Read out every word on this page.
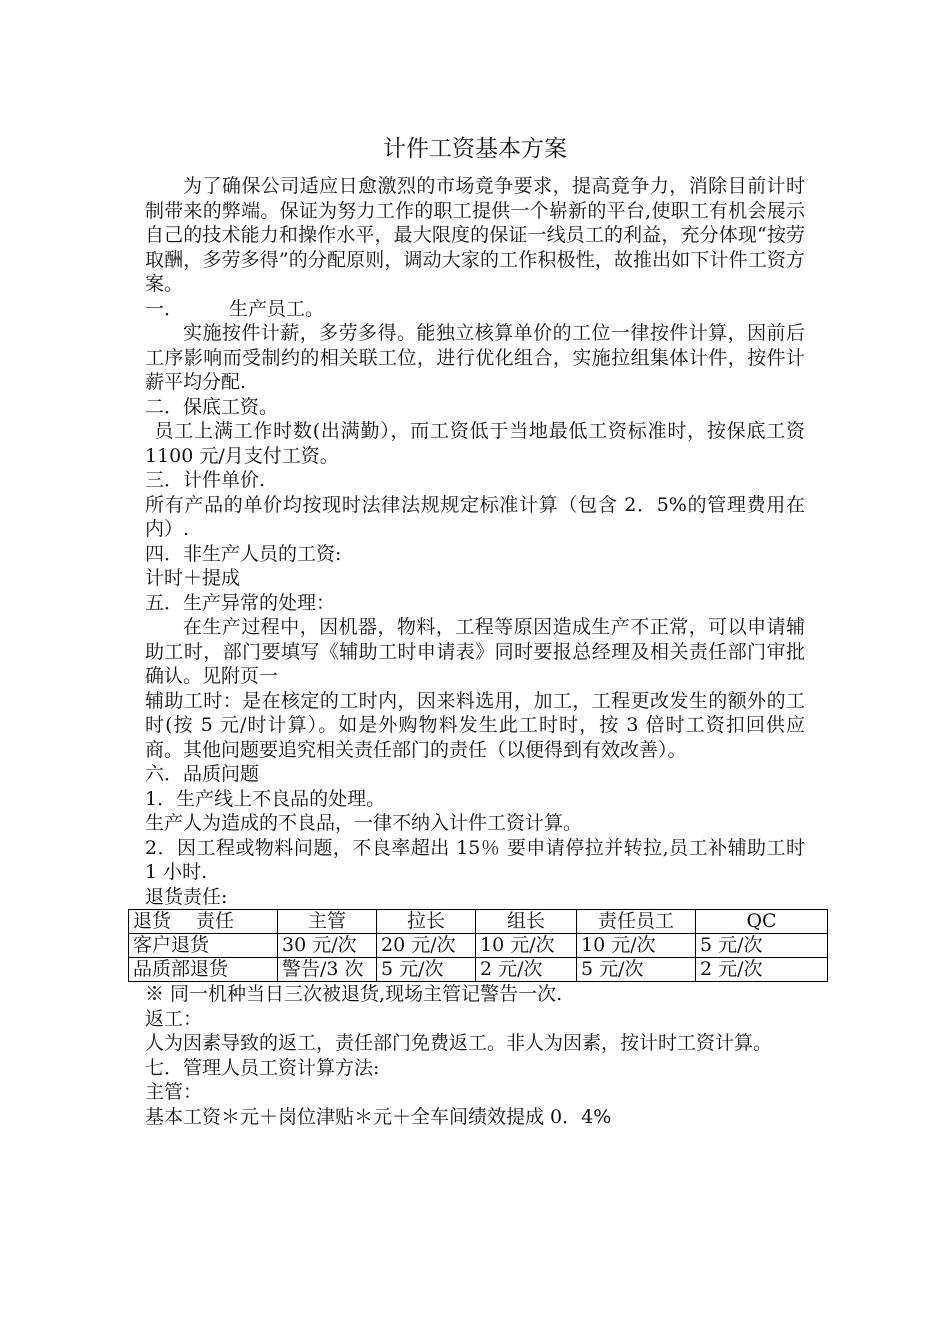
计件工资基本方案

为了确保公司适应日愈激烈的市场竟争要求，提高竟争力，消除目前计时制带来的弊端。保证为努力工作的职工提供一个崭新的平台,使职工有机会展示自己的技术能力和操作水平，最大限度的保证一线员工的利益，充分体现“按劳取酬，多劳多得”的分配原则，调动大家的工作积极性，故推出如下计件工资方案。

一． 生产员工。

实施按件计薪，多劳多得。能独立核算单价的工位一律按件计算，因前后工序影响而受制约的相关联工位，进行优化组合，实施拉组集体计件，按件计薪平均分配.

二．保底工资。

员工上满工作时数(出满勤），而工资低于当地最低工资标准时，按保底工资 1100 元/月支付工资。

三．计件单价.

所有产品的单价均按现时法律法规规定标准计算（包含 2．5%的管理费用在内）.

四．非生产人员的工资:

计时＋提成

五．生产异常的处理：

在生产过程中，因机器，物料，工程等原因造成生产不正常，可以申请辅助工时，部门要填写《辅助工时申请表》同时要报总经理及相关责任部门审批确认。见附页一

辅助工时：是在核定的工时内，因来料选用，加工，工程更改发生的额外的工时(按 5 元/时计算）。如是外购物料发生此工时时，按 3 倍时工资扣回供应商。其他问题要追究相关责任部门的责任（以便得到有效改善）。

六．品质问题

1．生产线上不良品的处理。

生产人为造成的不良品，一律不纳入计件工资计算。

2．因工程或物料问题，不良率超出 15％ 要申请停拉并转拉,员工补辅助工时 1 小时.

退货责任:

退货　 责任	主管	拉长	组长	责任员工	QC
客户退货	30 元/次	20 元/次	10 元/次	10 元/次	5 元/次
品质部退货	警告/3 次	5 元/次	2 元/次	5 元/次	2 元/次

※ 同一机种当日三次被退货,现场主管记警告一次.

返工：

人为因素导致的返工，责任部门免费返工。非人为因素，按计时工资计算。

七．管理人员工资计算方法:

主管：

基本工资＊元＋岗位津贴＊元＋全车间绩效提成 0．4%
